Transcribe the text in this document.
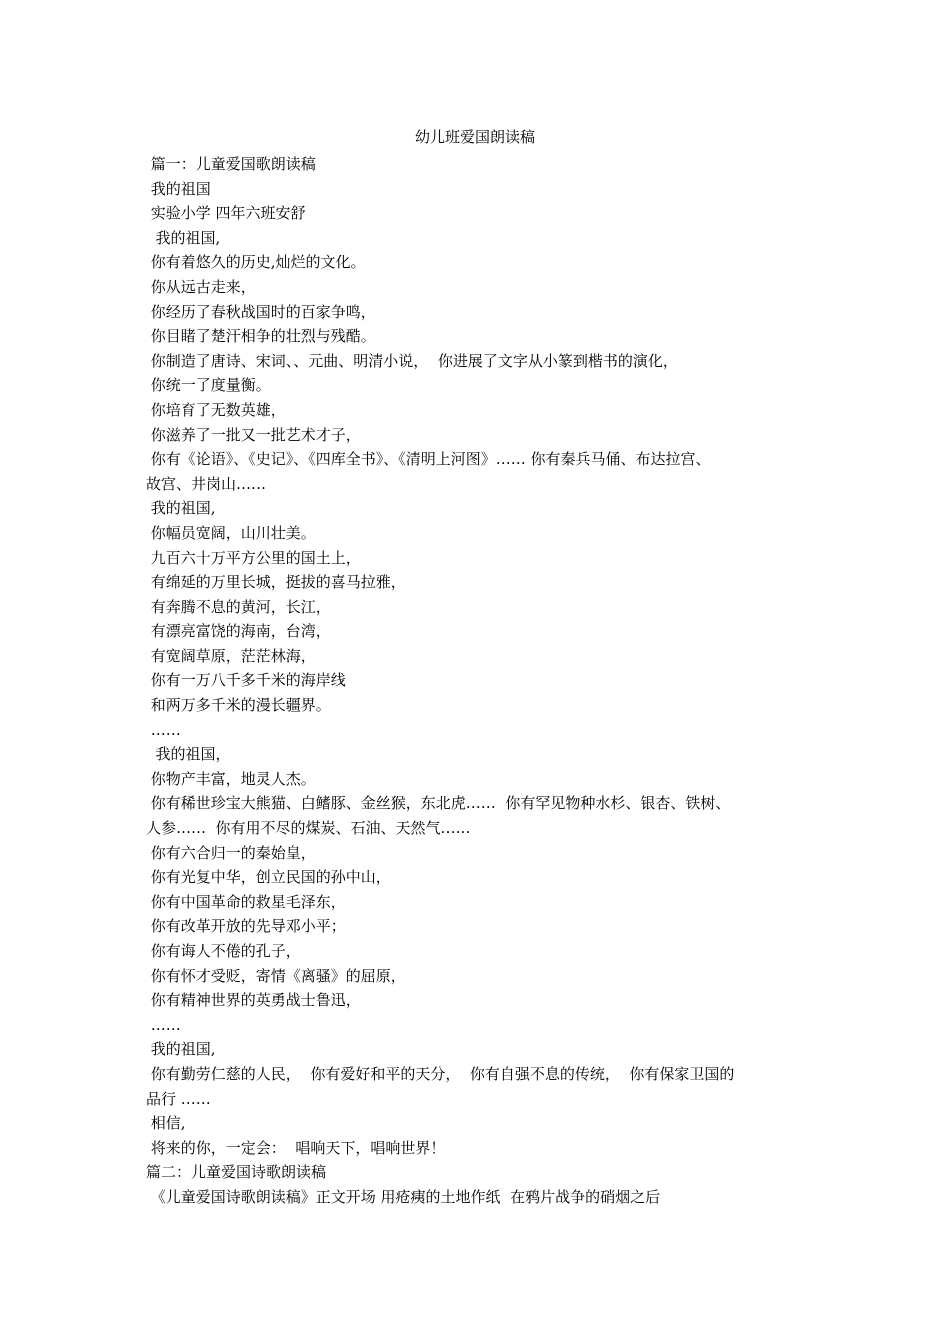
幼儿班爱国朗读稿

篇一：儿童爱国歌朗读稿

我的祖国

实验小学 四年六班安舒

我的祖国,

你有着悠久的历史,灿烂的文化。

你从远古走来，

你经历了春秋战国时的百家争鸣，

你目睹了楚汗相争的壮烈与残酷。

你制造了唐诗、宋词、、元曲、明清小说，  你进展了文字从小篆到楷书的演化，

你统一了度量衡。

你培育了无数英雄，

你滋养了一批又一批艺术才子，

你有《论语》、《史记》、《四库全书》、《清明上河图》…… 你有秦兵马俑、布达拉宫、

故宫、井岗山……

我的祖国,

你幅员宽阔，山川壮美。

九百六十万平方公里的国土上，

有绵延的万里长城，挺拔的喜马拉雅，

有奔腾不息的黄河，长江，

有漂亮富饶的海南，台湾，

有宽阔草原，茫茫林海，

你有一万八千多千米的海岸线

和两万多千米的漫长疆界。

……

我的祖国，

你物产丰富，地灵人杰。

你有稀世珍宝大熊猫、白鳍豚、金丝猴，东北虎……  你有罕见物种水杉、银杏、铁树、

人参……  你有用不尽的煤炭、石油、天然气……

你有六合归一的秦始皇，

你有光复中华，创立民国的孙中山，

你有中国革命的救星毛泽东，

你有改革开放的先导邓小平；

你有诲人不倦的孔子，

你有怀才受贬，寄情《离骚》的屈原，

你有精神世界的英勇战士鲁迅，

……

我的祖国,

你有勤劳仁慈的人民，  你有爱好和平的天分，  你有自强不息的传统，  你有保家卫国的

品行 ……

相信,

将来的你，一定会：  唱响天下，唱响世界！

篇二：儿童爱国诗歌朗读稿

《儿童爱国诗歌朗读稿》正文开场 用疮痍的土地作纸  在鸦片战争的硝烟之后
